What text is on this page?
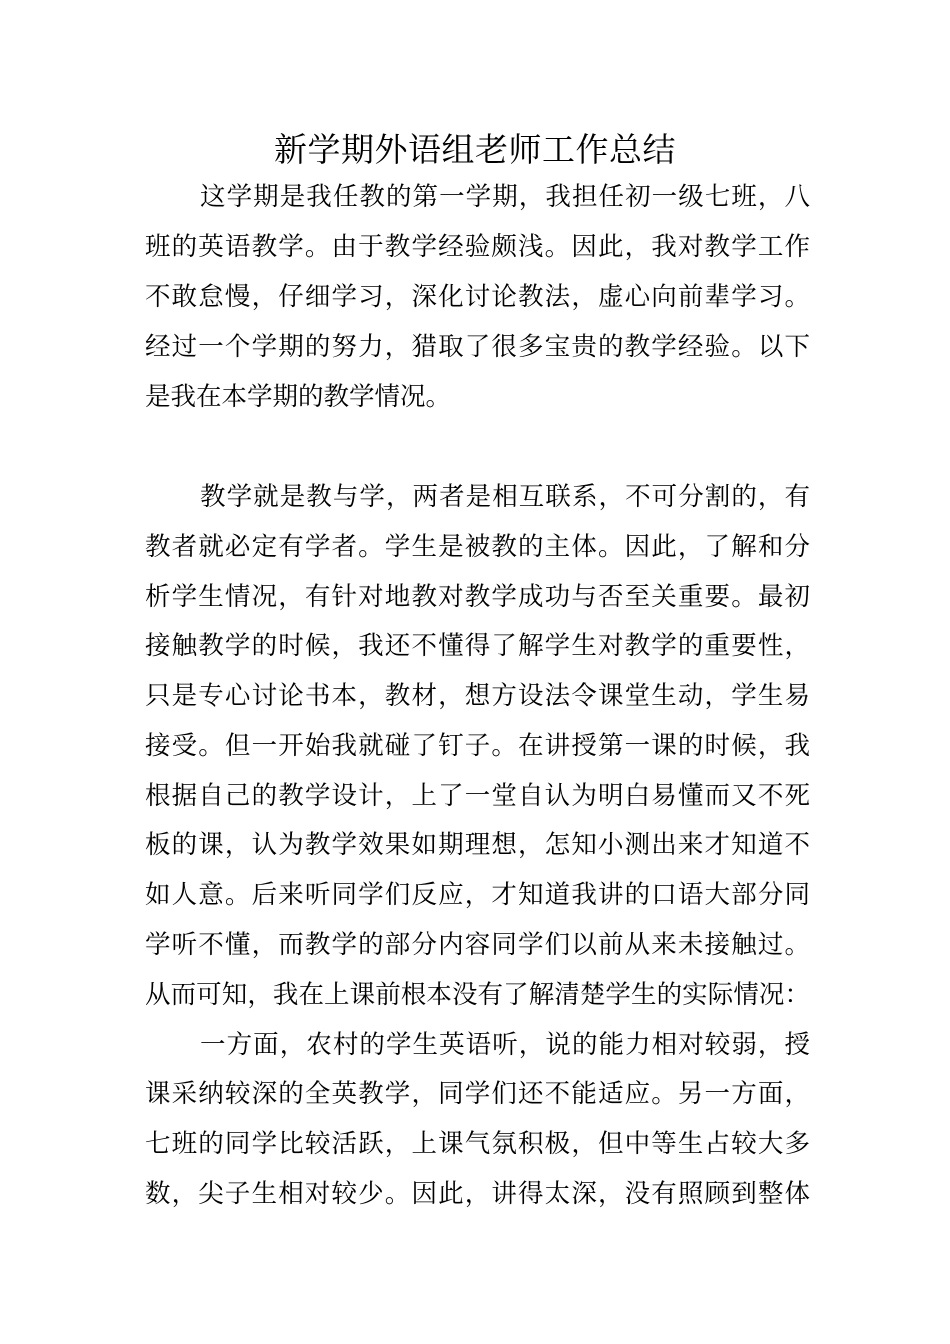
新学期外语组老师工作总结
这学期是我任教的第一学期，我担任初一级七班，八
班的英语教学。由于教学经验颇浅。因此，我对教学工作
不敢怠慢，仔细学习，深化讨论教法，虚心向前辈学习。
经过一个学期的努力，猎取了很多宝贵的教学经验。以下
是我在本学期的教学情况。
教学就是教与学，两者是相互联系，不可分割的，有
教者就必定有学者。学生是被教的主体。因此，了解和分
析学生情况，有针对地教对教学成功与否至关重要。最初
接触教学的时候，我还不懂得了解学生对教学的重要性，
只是专心讨论书本，教材，想方设法令课堂生动，学生易
接受。但一开始我就碰了钉子。在讲授第一课的时候，我
根据自己的教学设计，上了一堂自认为明白易懂而又不死
板的课，认为教学效果如期理想，怎知小测出来才知道不
如人意。后来听同学们反应，才知道我讲的口语大部分同
学听不懂，而教学的部分内容同学们以前从来未接触过。
从而可知，我在上课前根本没有了解清楚学生的实际情况：
一方面，农村的学生英语听，说的能力相对较弱，授
课采纳较深的全英教学，同学们还不能适应。另一方面，
七班的同学比较活跃，上课气氛积极，但中等生占较大多
数，尖子生相对较少。因此，讲得太深，没有照顾到整体
